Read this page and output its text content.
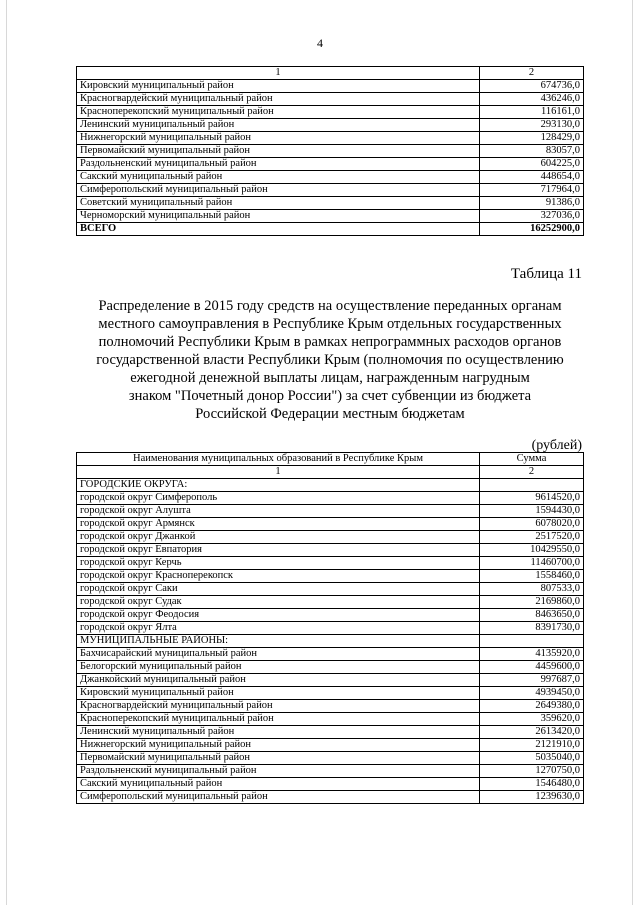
4
1	2
Кировский муниципальный район	674736,0
Красногвардейский муниципальный район	436246,0
Красноперекопский муниципальный район	116161,0
Ленинский муниципальный район	293130,0
Нижнегорский муниципальный район	128429,0
Первомайский муниципальный район	83057,0
Раздольненский муниципальный район	604225,0
Сакский муниципальный район	448654,0
Симферопольский муниципальный район	717964,0
Советский муниципальный район	91386,0
Черноморский муниципальный район	327036,0
ВСЕГО	16252900,0
Таблица 11
Распределение в 2015 году средств на осуществление переданных органам
местного самоуправления в Республике Крым отдельных государственных
полномочий Республики Крым в рамках непрограммных расходов органов
государственной власти Республики Крым (полномочия по осуществлению
ежегодной денежной выплаты лицам, награжденным нагрудным
знаком "Почетный донор России") за счет субвенции из бюджета
Российской Федерации местным бюджетам
(рублей)
Наименования муниципальных образований в Республике Крым	Сумма
1	2
ГОРОДСКИЕ ОКРУГА:	
городской округ Симферополь	9614520,0
городской округ Алушта	1594430,0
городской округ Армянск	6078020,0
городской округ Джанкой	2517520,0
городской округ Евпатория	10429550,0
городской округ Керчь	11460700,0
городской округ Красноперекопск	1558460,0
городской округ Саки	807533,0
городской округ Судак	2169860,0
городской округ Феодосия	8463650,0
городской округ Ялта	8391730,0
МУНИЦИПАЛЬНЫЕ РАЙОНЫ:	
Бахчисарайский муниципальный район	4135920,0
Белогорский муниципальный район	4459600,0
Джанкойский муниципальный район	997687,0
Кировский муниципальный район	4939450,0
Красногвардейский муниципальный район	2649380,0
Красноперекопский муниципальный район	359620,0
Ленинский муниципальный район	2613420,0
Нижнегорский муниципальный район	2121910,0
Первомайский муниципальный район	5035040,0
Раздольненский муниципальный район	1270750,0
Сакский муниципальный район	1546480,0
Симферопольский муниципальный район	1239630,0
